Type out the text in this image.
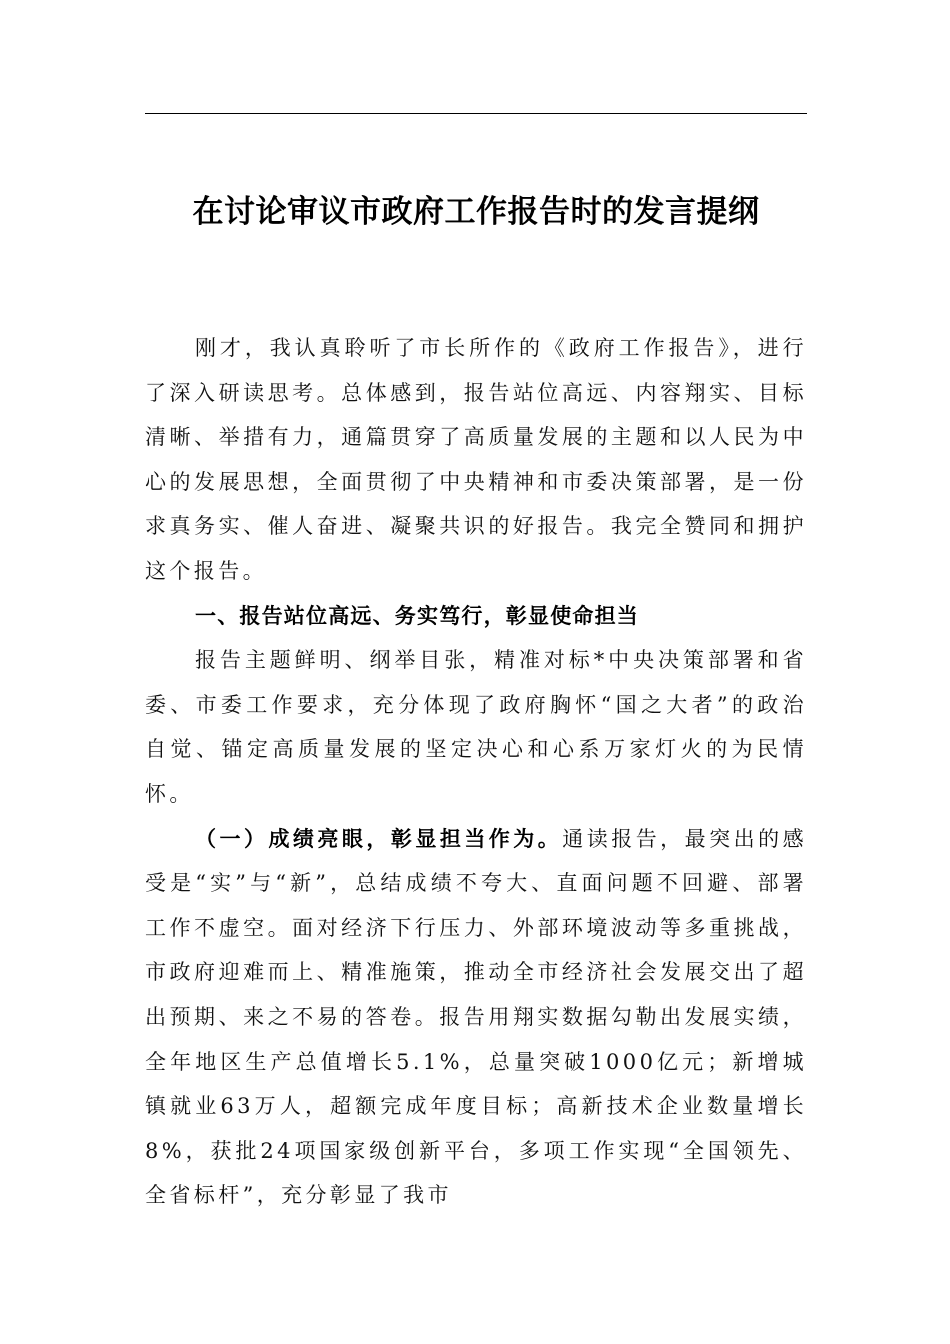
在讨论审议市政府工作报告时的发言提纲

刚才，我认真聆听了市长所作的《政府工作报告》，进行了深入研读思考。总体感到，报告站位高远、内容翔实、目标清晰、举措有力，通篇贯穿了高质量发展的主题和以人民为中心的发展思想，全面贯彻了中央精神和市委决策部署，是一份求真务实、催人奋进、凝聚共识的好报告。我完全赞同和拥护这个报告。

一、报告站位高远、务实笃行，彰显使命担当

报告主题鲜明、纲举目张，精准对标*中央决策部署和省委、市委工作要求，充分体现了政府胸怀“国之大者”的政治自觉、锚定高质量发展的坚定决心和心系万家灯火的为民情怀。

（一）成绩亮眼，彰显担当作为。通读报告，最突出的感受是“实”与“新”，总结成绩不夸大、直面问题不回避、部署工作不虚空。面对经济下行压力、外部环境波动等多重挑战，市政府迎难而上、精准施策，推动全市经济社会发展交出了超出预期、来之不易的答卷。报告用翔实数据勾勒出发展实绩，全年地区生产总值增长5.1%，总量突破1000亿元；新增城镇就业63万人，超额完成年度目标；高新技术企业数量增长8%，获批24项国家级创新平台，多项工作实现“全国领先、全省标杆”，充分彰显了我市
